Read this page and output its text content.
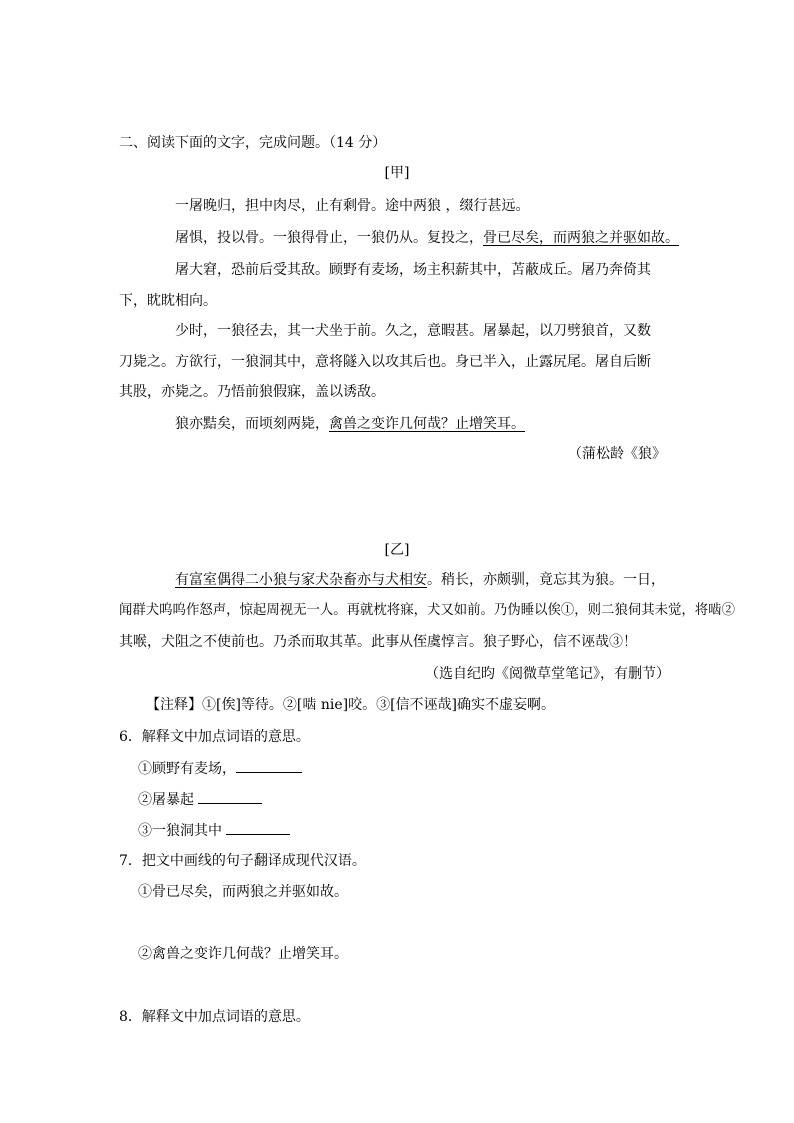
二、阅读下面的文字，完成问题。（14 分）
[甲]
一屠晚归，担中肉尽，止有剩骨。途中两狼 ，缀行甚远。
屠惧，投以骨。一狼得骨止，一狼仍从。复投之，骨已尽矣，而两狼之并驱如故。
屠大窘，恐前后受其敌。顾野有麦场，场主积薪其中，苫蔽成丘。屠乃奔倚其
下，眈眈相向。
少时，一狼径去，其一犬坐于前。久之，意暇甚。屠暴起，以刀劈狼首，又数
刀毙之。方欲行，一狼洞其中，意将隧入以攻其后也。身已半入，止露尻尾。屠自后断
其股，亦毙之。乃悟前狼假寐，盖以诱敌。
狼亦黠矣，而顷刻两毙，禽兽之变诈几何哉？止增笑耳。
（蒲松龄《狼》
[乙]
有富室偶得二小狼与家犬杂畜亦与犬相安。稍长，亦颇驯，竟忘其为狼。一日，
闻群犬呜呜作怒声，惊起周视无一人。再就枕将寐，犬又如前。乃伪睡以俟①，则二狼伺其未觉，将啮②
其喉，犬阻之不使前也。乃杀而取其革。此事从侄虞惇言。狼子野心，信不诬哉③！
（选自纪昀《阅微草堂笔记》，有删节）
【注释】①[俟]等待。②[啮 nie]咬。③[信不诬哉]确实不虚妄啊。
6．解释文中加点词语的意思。
①顾野有麦场，
②屠暴起
③一狼洞其中
7．把文中画线的句子翻译成现代汉语。
①骨已尽矣，而两狼之并驱如故。
②禽兽之变诈几何哉？止增笑耳。
8．解释文中加点词语的意思。
